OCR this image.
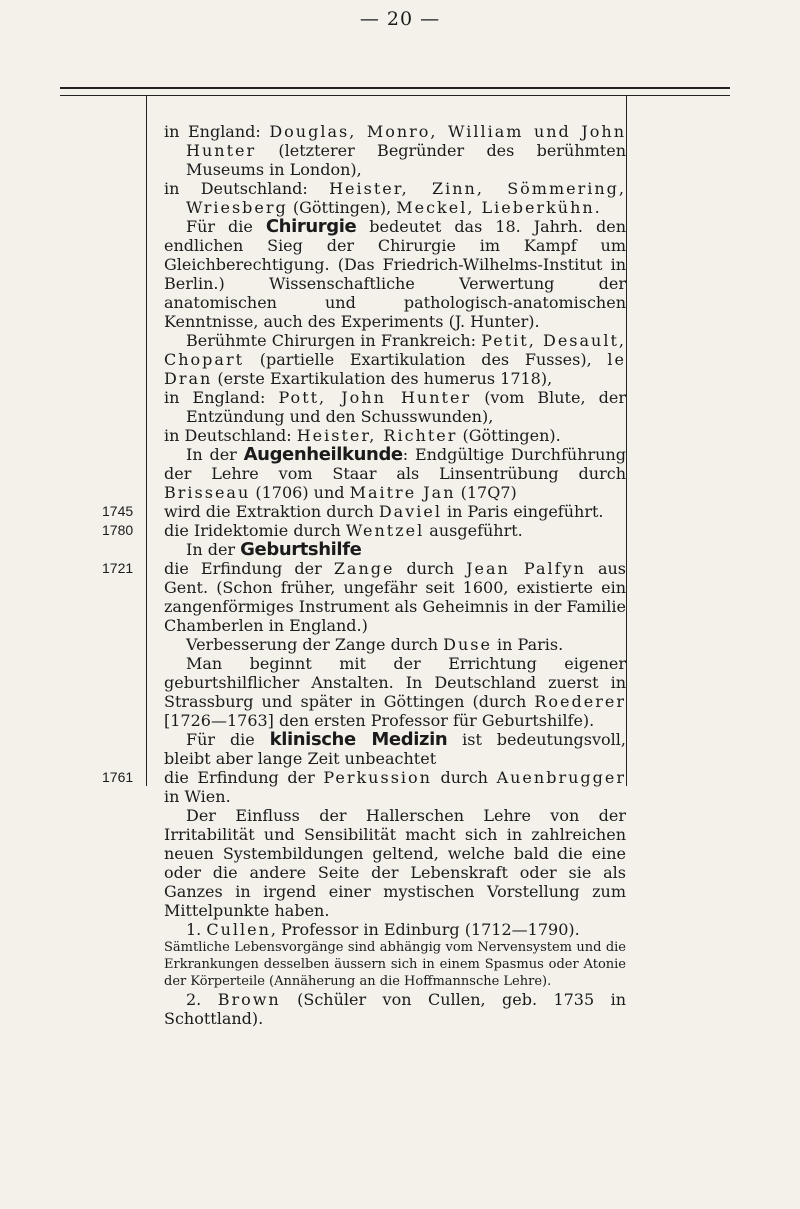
— 20 —

in England: Douglas, Monro, William und John Hunter (letzterer Begründer des berühmten Museums in London),

in Deutschland: Heister, Zinn, Sömmering, Wriesberg (Göttingen), Meckel, Lieberkühn.

Für die Chirurgie bedeutet das 18. Jahrh. den endlichen Sieg der Chirurgie im Kampf um Gleichberechtigung. (Das Friedrich-Wilhelms-Institut in Berlin.) Wissenschaftliche Verwertung der anatomischen und pathologisch-anatomischen Kenntnisse, auch des Experiments (J. Hunter).

Berühmte Chirurgen in Frankreich: Petit, Desault, Chopart (partielle Exartikulation des Fusses), le Dran (erste Exartikulation des humerus 1718),

in England: Pott, John Hunter (vom Blute, der Entzündung und den Schusswunden),

in Deutschland: Heister, Richter (Göttingen).

In der Augenheilkunde: Endgültige Durchführung der Lehre vom Staar als Linsentrübung durch Brisseau (1706) und Maitre Jan (17Q7)

1745 wird die Extraktion durch Daviel in Paris eingeführt.

1780 die Iridektomie durch Wentzel ausgeführt.

In der Geburtshilfe

1721 die Erfindung der Zange durch Jean Palfyn aus Gent. (Schon früher, ungefähr seit 1600, existierte ein zangenförmiges Instrument als Geheimnis in der Familie Chamberlen in England.)

Verbesserung der Zange durch Duse in Paris.

Man beginnt mit der Errichtung eigener geburtshilflicher Anstalten. In Deutschland zuerst in Strassburg und später in Göttingen (durch Roederer [1726—1763] den ersten Professor für Geburtshilfe).

Für die klinische Medizin ist bedeutungsvoll, bleibt aber lange Zeit unbeachtet

1761 die Erfindung der Perkussion durch Auenbrugger in Wien.

Der Einfluss der Hallerschen Lehre von der Irritabilität und Sensibilität macht sich in zahlreichen neuen Systembildungen geltend, welche bald die eine oder die andere Seite der Lebenskraft oder sie als Ganzes in irgend einer mystischen Vorstellung zum Mittelpunkte haben.

1. Cullen, Professor in Edinburg (1712—1790).

Sämtliche Lebensvorgänge sind abhängig vom Nervensystem und die Erkrankungen desselben äussern sich in einem Spasmus oder Atonie der Körperteile (Annäherung an die Hoffmannsche Lehre).

2. Brown (Schüler von Cullen, geb. 1735 in Schottland).
